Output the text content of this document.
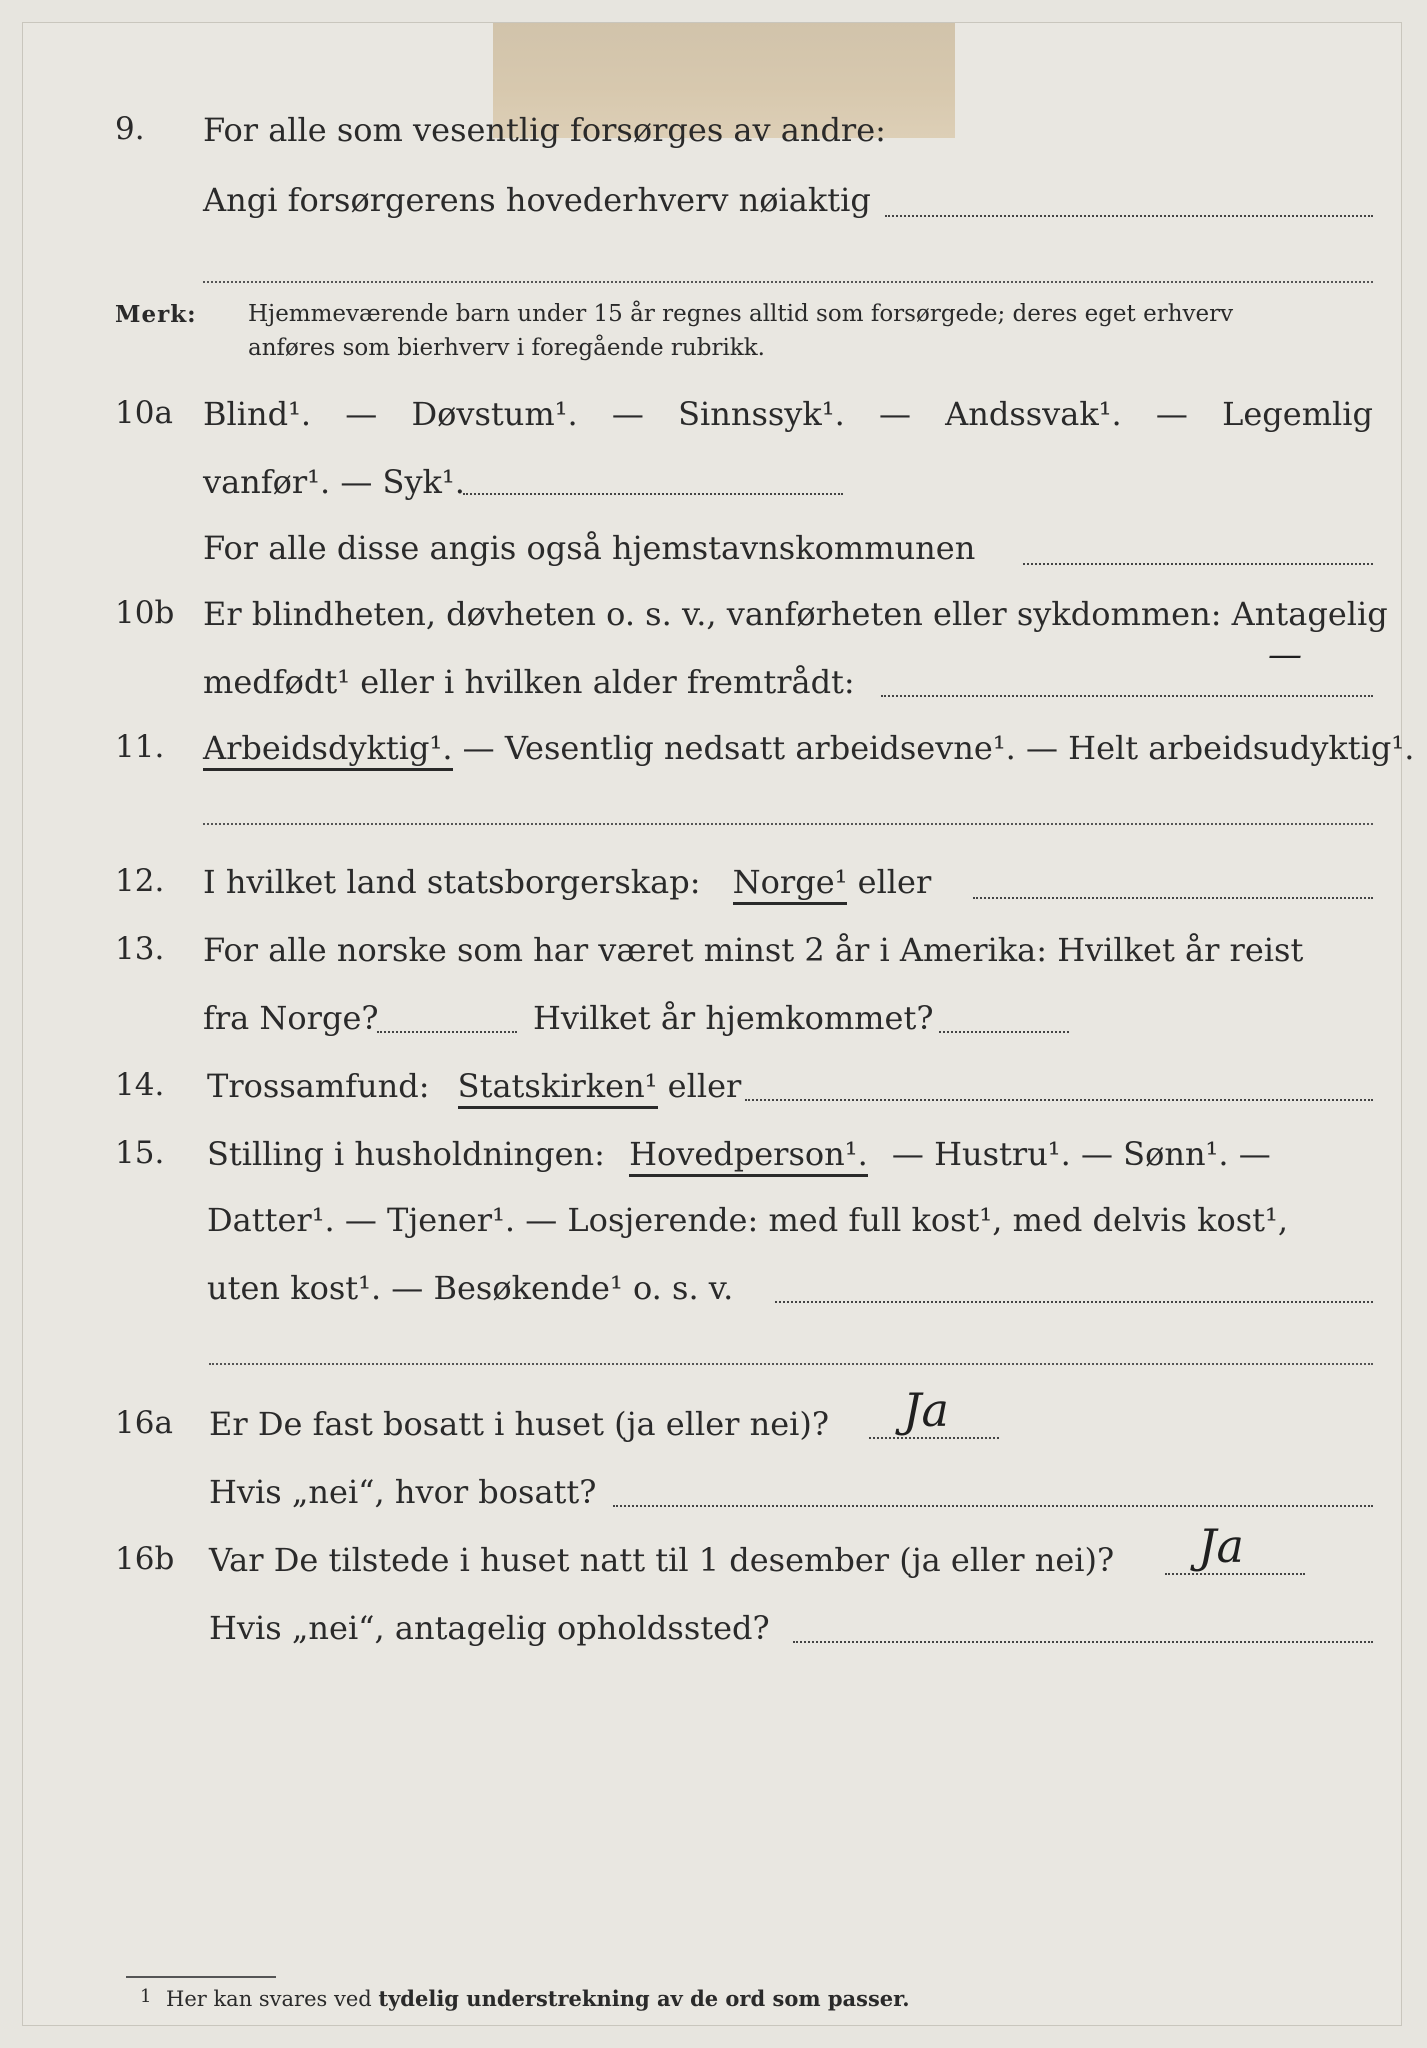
9. For alle som vesentlig forsørges av andre:
Angi forsørgerens hovederhverv nøiaktig
Merk: Hjemmeværende barn under 15 år regnes alltid som forsørgede; deres eget erhverv
anføres som bierhverv i foregående rubrikk.
10a Blind¹. — Døvstum¹. — Sinnssyk¹. — Andssvak¹. — Legemlig
vanfør¹. — Syk¹.
For alle disse angis også hjemstavnskommunen
10b Er blindheten, døvheten o. s. v., vanførheten eller sykdommen: Antagelig
medfødt¹ eller i hvilken alder fremtrådt:
—
11. Arbeidsdyktig¹. — Vesentlig nedsatt arbeidsevne¹. — Helt arbeidsudyktig¹.
12. I hvilket land statsborgerskap: Norge¹ eller
13. For alle norske som har været minst 2 år i Amerika: Hvilket år reist
fra Norge?	Hvilket år hjemkommet?
14. Trossamfund: Statskirken¹ eller
15. Stilling i husholdningen: Hovedperson¹. — Hustru¹. — Sønn¹. —
Datter¹. — Tjener¹. — Losjerende: med full kost¹, med delvis kost¹,
uten kost¹. — Besøkende¹ o. s. v.
16a Er De fast bosatt i huset (ja eller nei)? Ja
Hvis „nei“, hvor bosatt?
16b Var De tilstede i huset natt til 1 desember (ja eller nei)? Ja
Hvis „nei“, antagelig opholdssted?
1 Her kan svares ved tydelig understrekning av de ord som passer.
